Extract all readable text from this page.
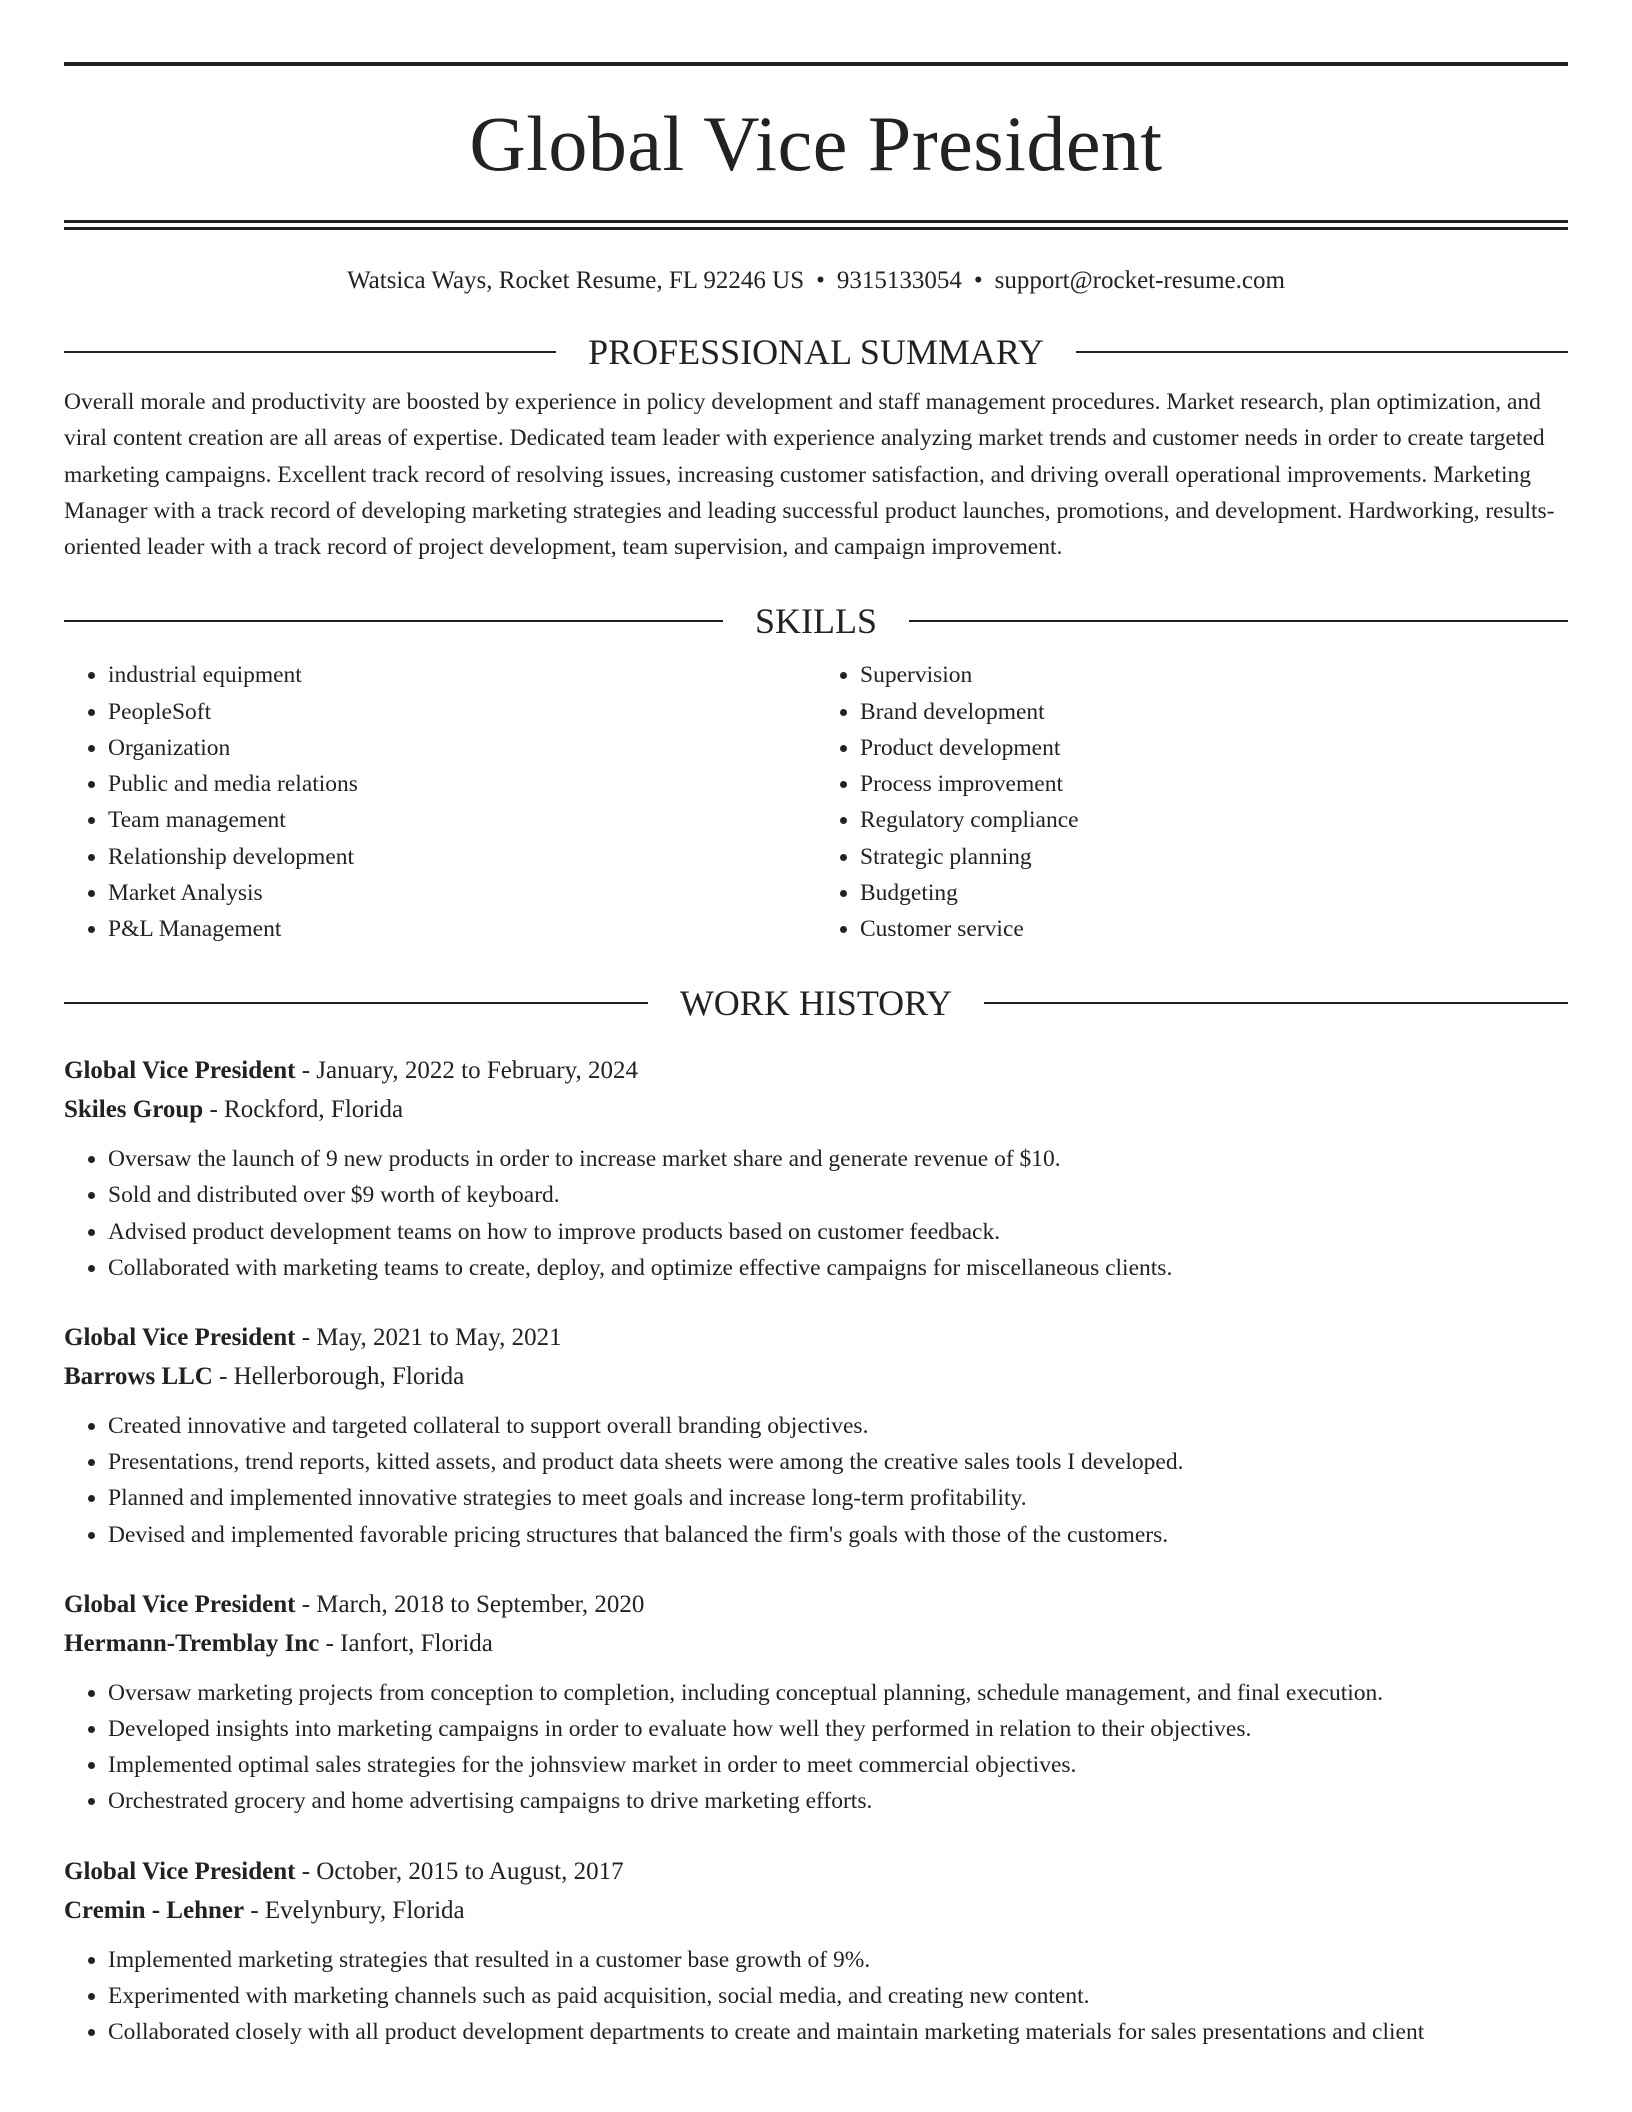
Global Vice President
Watsica Ways, Rocket Resume, FL 92246 US • 9315133054 • support@rocket-resume.com
PROFESSIONAL SUMMARY

Overall morale and productivity are boosted by experience in policy development and staff management procedures. Market research, plan optimization, and viral content creation are all areas of expertise. Dedicated team leader with experience analyzing market trends and customer needs in order to create targeted marketing campaigns. Excellent track record of resolving issues, increasing customer satisfaction, and driving overall operational improvements. Marketing Manager with a track record of developing marketing strategies and leading successful product launches, promotions, and development. Hardworking, results-oriented leader with a track record of project development, team supervision, and campaign improvement.

SKILLS
• industrial equipment
• PeopleSoft
• Organization
• Public and media relations
• Team management
• Relationship development
• Market Analysis
• P&L Management
• Supervision
• Brand development
• Product development
• Process improvement
• Regulatory compliance
• Strategic planning
• Budgeting
• Customer service
WORK HISTORY
Global Vice President - January, 2022 to February, 2024
Skiles Group - Rockford, Florida
• Oversaw the launch of 9 new products in order to increase market share and generate revenue of $10.
• Sold and distributed over $9 worth of keyboard.
• Advised product development teams on how to improve products based on customer feedback.
• Collaborated with marketing teams to create, deploy, and optimize effective campaigns for miscellaneous clients.
Global Vice President - May, 2021 to May, 2021
Barrows LLC - Hellerborough, Florida
• Created innovative and targeted collateral to support overall branding objectives.
• Presentations, trend reports, kitted assets, and product data sheets were among the creative sales tools I developed.
• Planned and implemented innovative strategies to meet goals and increase long-term profitability.
• Devised and implemented favorable pricing structures that balanced the firm's goals with those of the customers.
Global Vice President - March, 2018 to September, 2020
Hermann-Tremblay Inc - Ianfort, Florida
• Oversaw marketing projects from conception to completion, including conceptual planning, schedule management, and final execution.
• Developed insights into marketing campaigns in order to evaluate how well they performed in relation to their objectives.
• Implemented optimal sales strategies for the johnsview market in order to meet commercial objectives.
• Orchestrated grocery and home advertising campaigns to drive marketing efforts.
Global Vice President - October, 2015 to August, 2017
Cremin - Lehner - Evelynbury, Florida
• Implemented marketing strategies that resulted in a customer base growth of 9%.
• Experimented with marketing channels such as paid acquisition, social media, and creating new content.
• Collaborated closely with all product development departments to create and maintain marketing materials for sales presentations and client
